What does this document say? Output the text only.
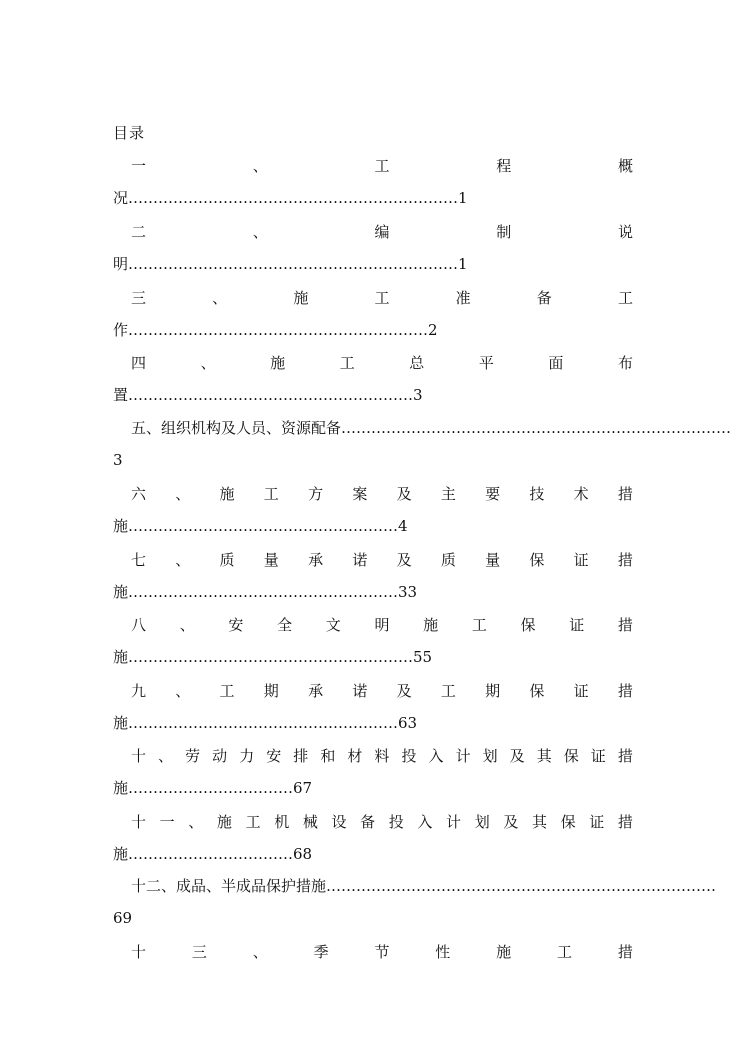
目录
一	、	工	程	概
况…………………………………………………………1
二	、	编	制	说
明…………………………………………………………1
三	、	施	工	准	备	工
作……………………………………………………2
四	、	施	工	总	平	面	布
置…………………………………………………3
五、组织机构及人员、资源配备 ……………………………………………………………………
3
六 、 施 工 方 案 及 主 要 技 术 措
施………………………………………………4
七 、 质 量 承 诺 及 质 量 保 证 措
施………………………………………………33
八 、 安 全 文 明 施 工 保 证 措
施…………………………………………………55
九 、 工 期 承 诺 及 工 期 保 证 措
施………………………………………………63
十 、 劳 动 力 安 排 和 材 料 投 入 计 划 及 其 保 证 措
施……………………………67
十 一 、 施 工 机 械 设 备 投 入 计 划 及 其 保 证 措
施……………………………68
十二、成品、半成品保护措施 ……………………………………………………………………
69
十	三	、	季	节	性	施	工	措
